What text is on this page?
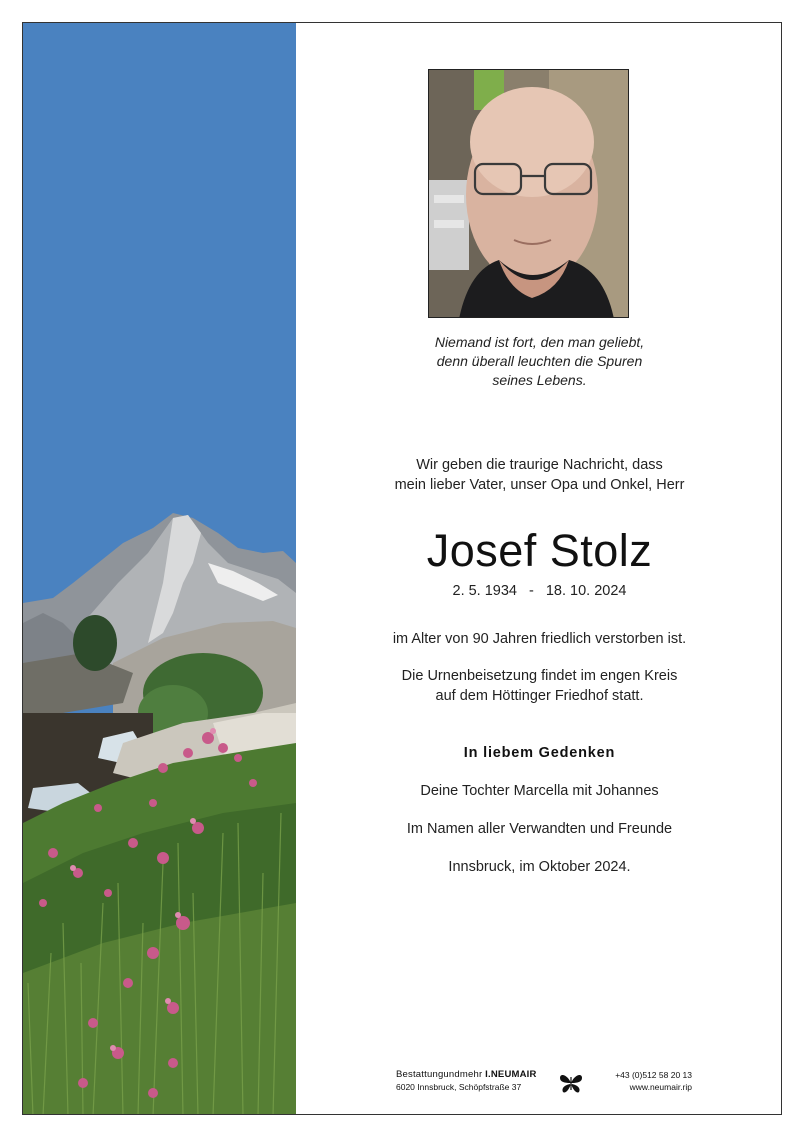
Niemand ist fort, den man geliebt,
denn überall leuchten die Spuren
seines Lebens.
Wir geben die traurige Nachricht, dass
mein lieber Vater, unser Opa und Onkel, Herr
Josef Stolz
2. 5. 1934 - 18. 10. 2024
im Alter von 90 Jahren friedlich verstorben ist.
Die Urnenbeisetzung findet im engen Kreis
auf dem Höttinger Friedhof statt.
In liebem Gedenken
Deine Tochter Marcella mit Johannes
Im Namen aller Verwandten und Freunde
Innsbruck, im Oktober 2024.
Bestattungundmehr I.NEUMAIR
6020 Innsbruck, Schöpfstraße 37
+43 (0)512 58 20 13
www.neumair.rip
